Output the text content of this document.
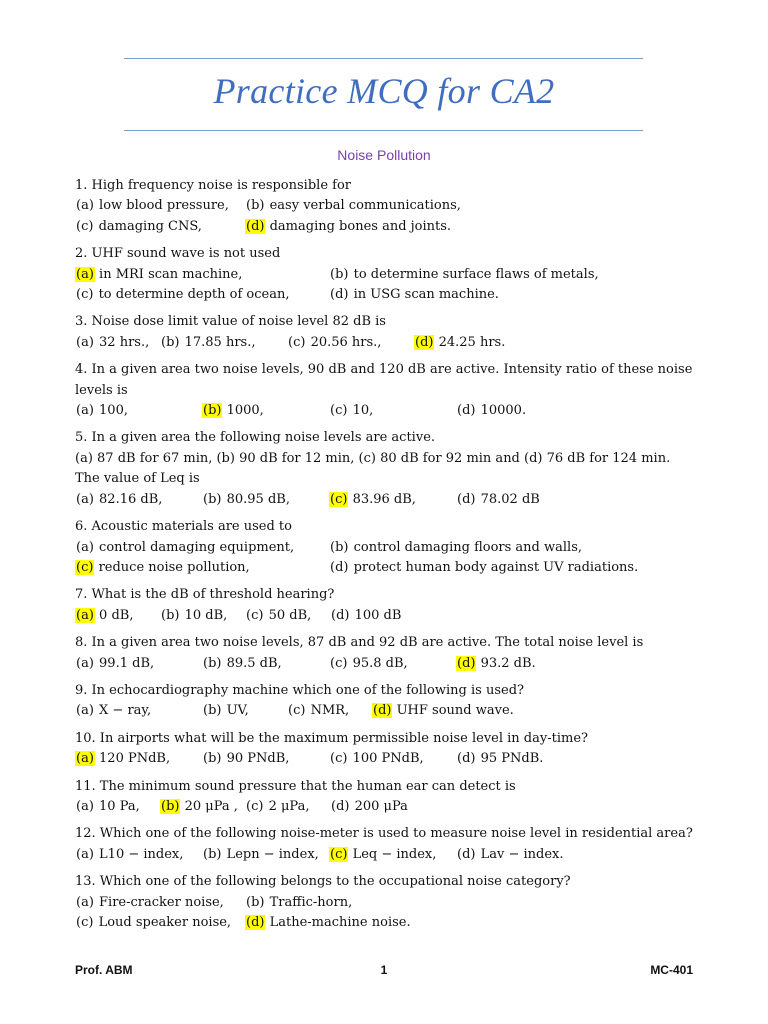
Practice MCQ for CA2
Noise Pollution
1. High frequency noise is responsible for
(a) low blood pressure, (b) easy verbal communications,
(c) damaging CNS,	(d) damaging bones and joints.
2. UHF sound wave is not used
(a) in MRI scan machine,	(b) to determine surface flaws of metals,
(c) to determine depth of ocean,	(d) in USG scan machine.
3. Noise dose limit value of noise level 82 dB is
(a) 32 hrs., (b) 17.85 hrs.,	(c) 20.56 hrs.,	(d) 24.25 hrs.
4. In a given area two noise levels, 90 dB and 120 dB are active. Intensity ratio of these noise levels is
(a) 100,	(b) 1000,	(c) 10,	(d) 10000.
5. In a given area the following noise levels are active.
(a) 87 dB for 67 min, (b) 90 dB for 12 min, (c) 80 dB for 92 min and (d) 76 dB for 124 min.
The value of Leq is
(a) 82.16 dB,	(b) 80.95 dB,	(c) 83.96 dB,	(d) 78.02 dB
6. Acoustic materials are used to
(a) control damaging equipment,	(b) control damaging floors and walls,
(c) reduce noise pollution,	(d) protect human body against UV radiations.
7. What is the dB of threshold hearing?
(a) 0 dB, (b) 10 dB, (c) 50 dB, (d) 100 dB
8. In a given area two noise levels, 87 dB and 92 dB are active. The total noise level is
(a) 99.1 dB,	(b) 89.5 dB,	(c) 95.8 dB,	(d) 93.2 dB.
9. In echocardiography machine which one of the following is used?
(a) X − ray,	(b) UV,	(c) NMR, (d) UHF sound wave.
10. In airports what will be the maximum permissible noise level in day-time?
(a) 120 PNdB,	(b) 90 PNdB,	(c) 100 PNdB,	(d) 95 PNdB.
11. The minimum sound pressure that the human ear can detect is
(a) 10 Pa, (b) 20 μPa , (c) 2 μPa, (d) 200 μPa
12. Which one of the following noise-meter is used to measure noise level in residential area?
(a) L10 − index, (b) Lepn − index, (c) Leq − index, (d) Lav − index.
13. Which one of the following belongs to the occupational noise category?
(a) Fire-cracker noise, (b) Traffic-horn,
(c) Loud speaker noise, (d) Lathe-machine noise.
Prof. ABM	1	MC-401
